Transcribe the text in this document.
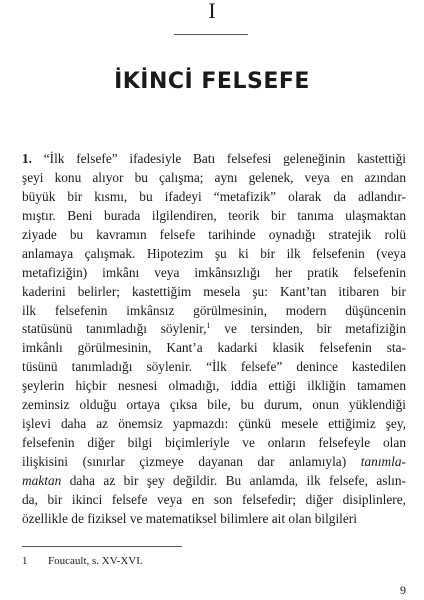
I
İKİNCİ FELSEFE
1. “İlk felsefe” ifadesiyle Batı felsefesi geleneğinin kastettiği
şeyi konu alıyor bu çalışma; aynı gelenek, veya en azından
büyük bir kısmı, bu ifadeyi “metafizik” olarak da adlandır-
mıştır. Beni burada ilgilendiren, teorik bir tanıma ulaşmaktan
ziyade bu kavramın felsefe tarihinde oynadığı stratejik rolü
anlamaya çalışmak. Hipotezim şu ki bir ilk felsefenin (veya
metafiziğin) imkânı veya imkânsızlığı her pratik felsefenin
kaderini belirler; kastettiğim mesela şu: Kant’tan itibaren bir
ilk felsefenin imkânsız görülmesinin, modern düşüncenin
statüsünü tanımladığı söylenir,$^1$ ve tersinden, bir metafiziğin
imkânlı görülmesinin, Kant’a kadarki klasik felsefenin sta-
tüsünü tanımladığı söylenir. “İlk felsefe” denince kastedilen
şeylerin hiçbir nesnesi olmadığı, iddia ettiği ilkliğin tamamen
zeminsiz olduğu ortaya çıksa bile, bu durum, onun yüklendiği
işlevi daha az önemsiz yapmazdı: çünkü mesele ettiğimiz şey,
felsefenin diğer bilgi biçimleriyle ve onların felsefeyle olan
ilişkisini (sınırlar çizmeye dayanan dar anlamıyla) tanımla-
maktan daha az bir şey değildir. Bu anlamda, ilk felsefe, aslın-
da, bir ikinci felsefe veya en son felsefedir; diğer disiplinlere,
özellikle de fiziksel ve matematiksel bilimlere ait olan bilgileri
1 Foucault, s. XV-XVI.
9
